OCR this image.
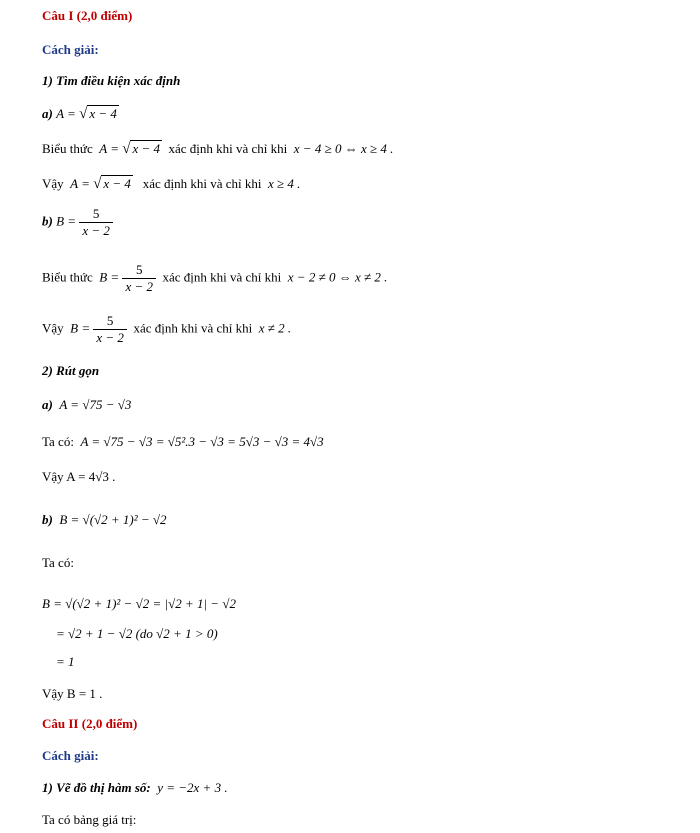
Câu I (2,0 điểm)
Cách giải:
1) Tìm điều kiện xác định
a) A = √ x − 4
Biểu thức A = √ x − 4 xác định khi và chỉ khi x − 4 ≥ 0 ⇔ x ≥ 4 .
Vậy A = √ x − 4 xác định khi và chỉ khi x ≥ 4 .
b) $B = \frac{5}{x - 2}$
Biểu thức $B = \frac{5}{x - 2}$ xác định khi và chỉ khi x − 2 ≠ 0 ⇔ x ≠ 2 .
Vậy $B = \frac{5}{x - 2}$ xác định khi và chỉ khi x ≠ 2 .
2) Rút gọn
a) A = √75 − √3
Ta có: A = √75 − √3 = √5².3 − √3 = 5√3 − √3 = 4√3
Vậy A = 4√3 .
b) B = √(√2 + 1)² − √2
Ta có:
B = √(√2 + 1)² − √2 = |√2 + 1| − √2
= √2 + 1 − √2 (do √2 + 1 > 0)
= 1
Vậy B = 1 .
Câu II (2,0 điểm)
Cách giải:
1) Vẽ đồ thị hàm số: y = −2x + 3 .
Ta có bảng giá trị:
